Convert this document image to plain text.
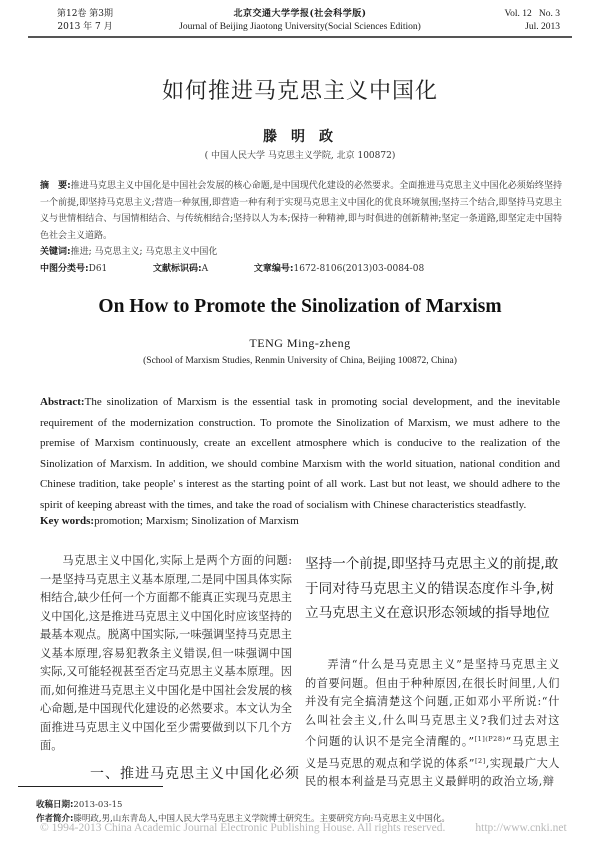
第12卷 第3期
2013 年 7 月
北京交通大学学报(社会科学版)
Journal of Beijing Jiaotong University(Social Sciences Edition)
Vol. 12   No. 3
Jul. 2013
如何推进马克思主义中国化
滕明政
( 中国人民大学 马克思主义学院, 北京 100872)
摘　要:推进马克思主义中国化是中国社会发展的核心命题,是中国现代化建设的必然要求。全面推进马克思主义中国化必须始终坚持一个前提,即坚持马克思主义;营造一种氛围,即营造一种有利于实现马克思主义中国化的优良环境氛围;坚持三个结合,即坚持马克思主义与世情相结合、与国情相结合、与传统相结合;坚持以人为本;保持一种精神,即与时俱进的创新精神;坚定一条道路,即坚定走中国特色社会主义道路。
关键词:推进; 马克思主义; 马克思主义中国化
中图分类号:D61	文献标识码:A	文章编号:1672-8106(2013)03-0084-08
On How to Promote the Sinolization of Marxism
TENG Ming-zheng
(School of Marxism Studies, Renmin University of China, Beijing 100872, China)
Abstract:The sinolization of Marxism is the essential task in promoting social development, and the inevitable requirement of the modernization construction. To promote the Sinolization of Marxism, we must adhere to the premise of Marxism continuously, create an excellent atmosphere which is conducive to the realization of the Sinolization of Marxism. In addition, we should combine Marxism with the world situation, national condition and Chinese tradition, take people' s interest as the starting point of all work. Last but not least, we should adhere to the spirit of keeping abreast with the times, and take the road of socialism with Chinese characteristics steadfastly.
Key words:promotion; Marxism; Sinolization of Marxism

马克思主义中国化,实际上是两个方面的问题:一是坚持马克思主义基本原理,二是同中国具体实际相结合,缺少任何一个方面都不能真正实现马克思主义中国化,这是推进马克思主义中国化时应该坚持的最基本观点。脱离中国实际,一味强调坚持马克思主义基本原理,容易犯教条主义错误,但一味强调中国实际,又可能轻视甚至否定马克思主义基本原理。因而,如何推进马克思主义中国化是中国社会发展的核心命题,是中国现代化建设的必然要求。本文认为全面推进马克思主义中国化至少需要做到以下几个方面。

一、推进马克思主义中国化必须
坚持一个前提,即坚持马克思主义的前提,敢于同对待马克思主义的错误态度作斗争,树立马克思主义在意识形态领域的指导地位

弄清“什么是马克思主义”是坚持马克思主义的首要问题。但由于种种原因,在很长时间里,人们并没有完全搞清楚这个问题,正如邓小平所说:“什么叫社会主义,什么叫马克思主义?我们过去对这个问题的认识不是完全清醒的。”$^{[1](P28)}$“马克思主义是马克思的观点和学说的体系”[2],实现最广大人民的根本利益是马克思主义最鲜明的政治立场,辩

收稿日期:2013-03-15
作者简介:滕明政,男,山东青岛人,中国人民大学马克思主义学院博士研究生。主要研究方向:马克思主义中国化。
© 1994-2013 China Academic Journal Electronic Publishing House. All rights reserved.	http://www.cnki.net
